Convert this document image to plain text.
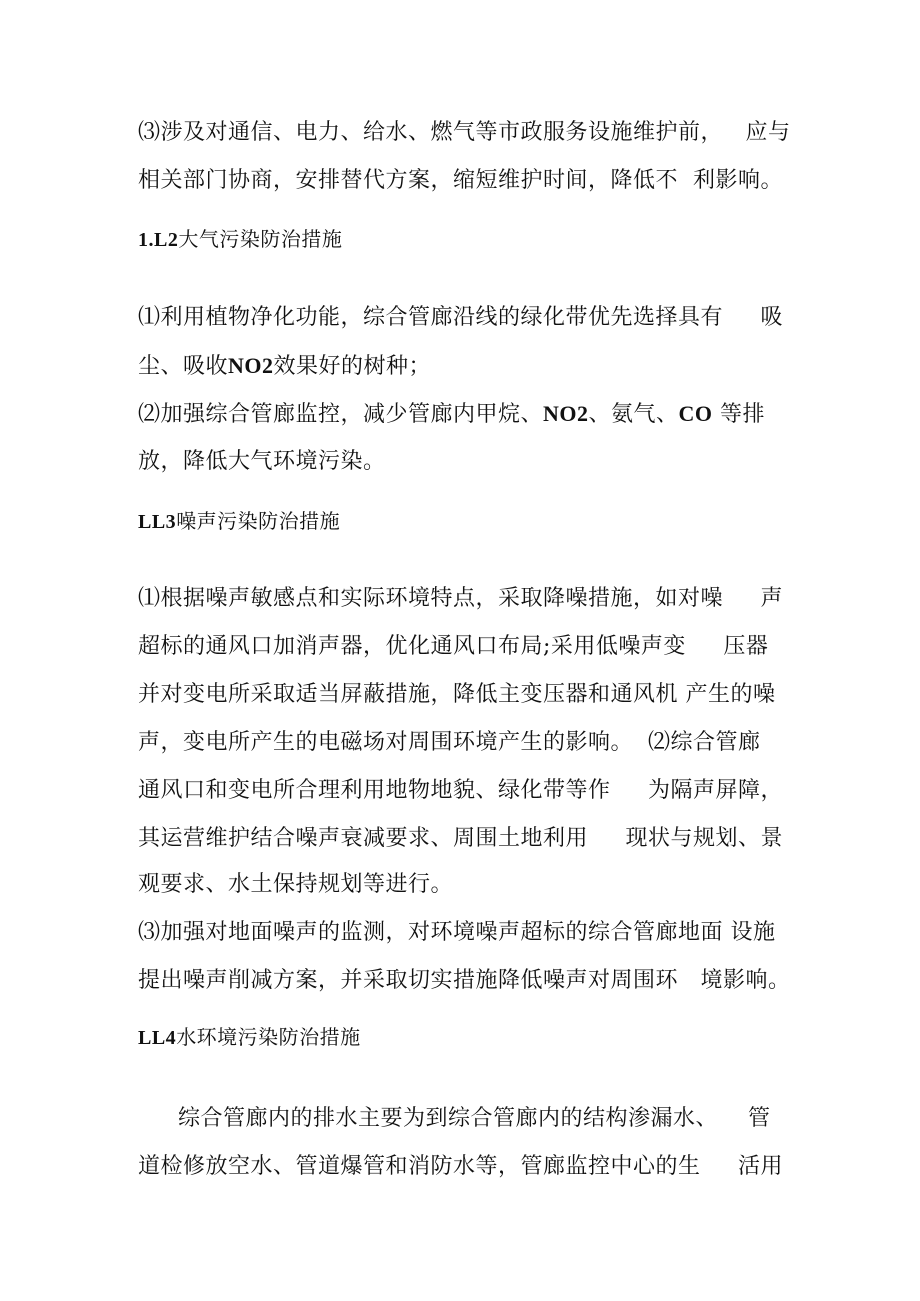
⑶涉及对通信、电力、给水、燃气等市政服务设施维护前，   应与

相关部门协商，安排替代方案，缩短维护时间，降低不  利影响。

1.L2大气污染防治措施

⑴利用植物净化功能，综合管廊沿线的绿化带优先选择具有     吸

尘、吸收NO2效果好的树种；

⑵加强综合管廊监控，减少管廊内甲烷、NO2、氨气、CO 等排

放，降低大气环境污染。

LL3噪声污染防治措施

⑴根据噪声敏感点和实际环境特点，采取降噪措施，如对噪     声

超标的通风口加消声器，优化通风口布局;采用低噪声变     压器

并对变电所采取适当屏蔽措施，降低主变压器和通风机 产生的噪

声，变电所产生的电磁场对周围环境产生的影响。  ⑵综合管廊

通风口和变电所合理利用地物地貌、绿化带等作     为隔声屏障，

其运营维护结合噪声衰减要求、周围土地利用     现状与规划、景

观要求、水土保持规划等进行。

⑶加强对地面噪声的监测，对环境噪声超标的综合管廊地面 设施

提出噪声削减方案，并采取切实措施降低噪声对周围环   境影响。

LL4水环境污染防治措施

综合管廊内的排水主要为到综合管廊内的结构渗漏水、    管

道检修放空水、管道爆管和消防水等，管廊监控中心的生     活用
